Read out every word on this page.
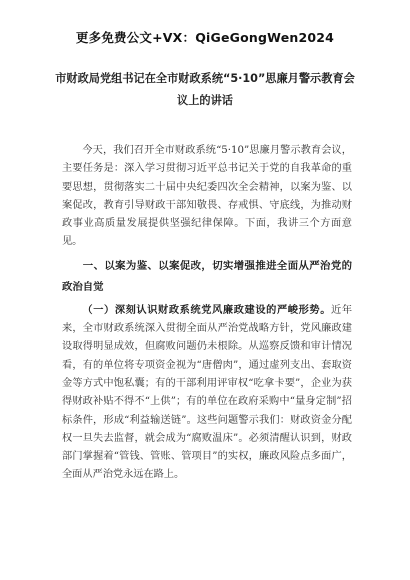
更多免费公文+VX：QiGeGongWen2024
市财政局党组书记在全市财政系统“5·10”思廉月警示教育会议上的讲话

今天，我们召开全市财政系统“5·10”思廉月警示教育会议，主要任务是：深入学习贯彻习近平总书记关于党的自我革命的重要思想，贯彻落实二十届中央纪委四次全会精神，以案为鉴、以案促改，教育引导财政干部知敬畏、存戒惧、守底线，为推动财政事业高质量发展提供坚强纪律保障。下面，我讲三个方面意见。

一、以案为鉴、以案促改，切实增强推进全面从严治党的政治自觉

（一）深刻认识财政系统党风廉政建设的严峻形势。近年来，全市财政系统深入贯彻全面从严治党战略方针，党风廉政建设取得明显成效，但腐败问题仍未根除。从巡察反馈和审计情况看，有的单位将专项资金视为“唐僧肉”，通过虚列支出、套取资金等方式中饱私囊；有的干部利用评审权“吃拿卡要”，企业为获得财政补贴不得不“上供”；有的单位在政府采购中“量身定制”招标条件，形成“利益输送链”。这些问题警示我们：财政资金分配权一旦失去监督，就会成为“腐败温床”。必须清醒认识到，财政部门掌握着“管钱、管账、管项目”的实权，廉政风险点多面广，全面从严治党永远在路上。
